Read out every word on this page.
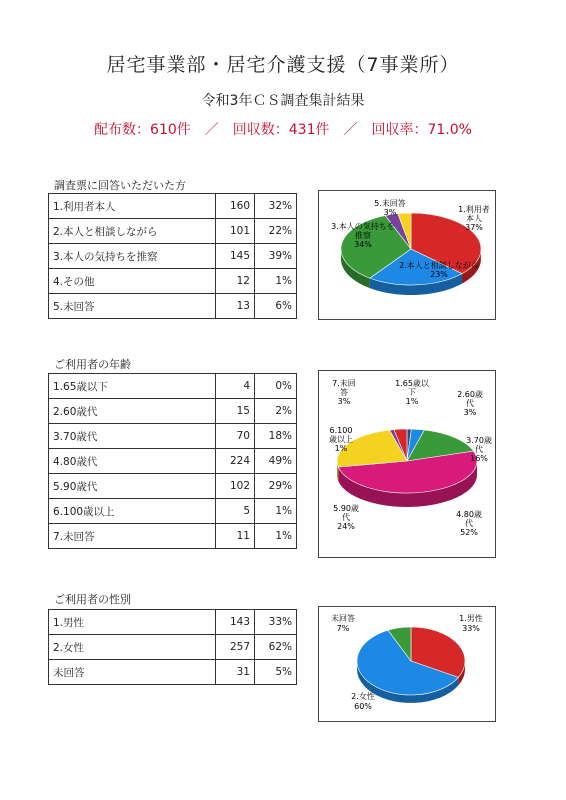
居宅事業部・居宅介護支援（7事業所）
令和3年ＣＳ調査集計結果
配布数：610件　／　回収数：431件　／　回収率：71.0%
調査票に回答いただいた方
1.利用者本人	160	32%
2.本人と相談しながら	101	22%
3.本人の気持ちを推察	145	39%
4.その他	12	1%
5.未回答	13	6%
5.未回答 3%	1.利用者本人 37%
3.本人の気持ちを推察 34%
2.本人と相談しながら 23%
ご利用者の年齢
1.65歳以下	4	0%
2.60歳代	15	2%
3.70歳代	70	18%
4.80歳代	224	49%
5.90歳代	102	29%
6.100歳以上	5	1%
7.未回答	11	1%
7.未回答 3%
1.65歳以下 1%
2.60歳代 3%
6.100 歳以上 1%
3.70歳代 16%
5.90歳代 24%
4.80歳代 52%
ご利用者の性別
1.男性	143	33%
2.女性	257	62%
未回答	31	5%
未回答 7%
1.男性 33%
2.女性 60%
